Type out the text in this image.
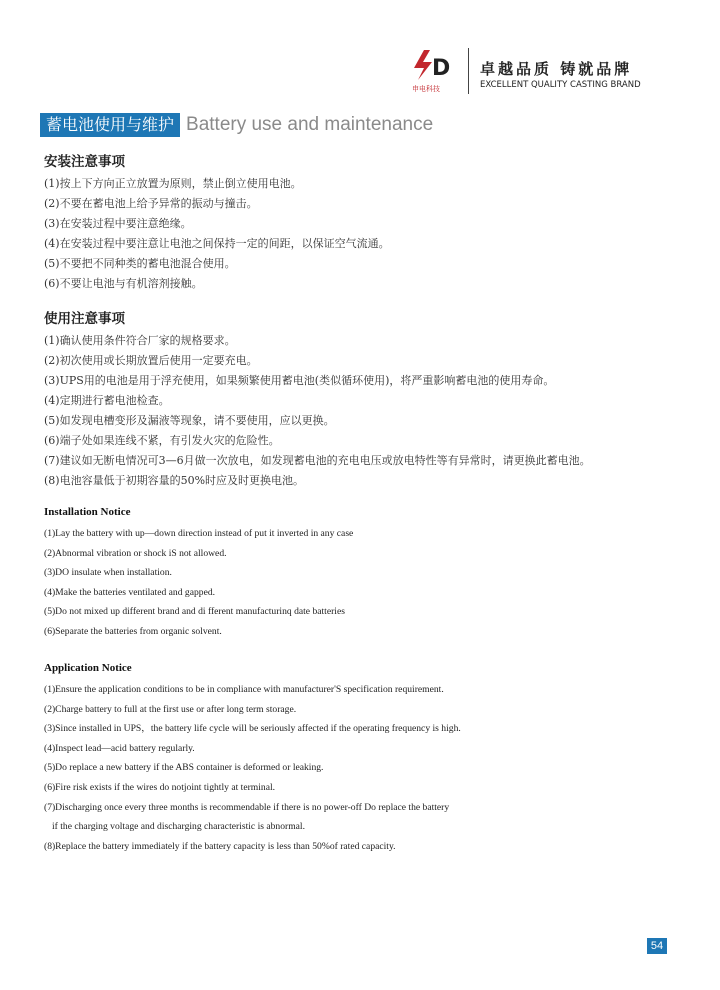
D
申电科技
卓越品质 铸就品牌
EXCELLENT QUALITY CASTING BRAND
蓄电池使用与维护 Battery use and maintenance
安装注意事项
(1)按上下方向正立放置为原则，禁止倒立使用电池。
(2)不要在蓄电池上给予异常的振动与撞击。
(3)在安装过程中要注意绝缘。
(4)在安装过程中要注意让电池之间保持一定的间距，以保证空气流通。
(5)不要把不同种类的蓄电池混合使用。
(6)不要让电池与有机溶剂接触。
使用注意事项
(1)确认使用条件符合厂家的规格要求。
(2)初次使用或长期放置后使用一定要充电。
(3)UPS用的电池是用于浮充使用，如果频繁使用蓄电池(类似循环使用)，将严重影响蓄电池的使用寿命。
(4)定期进行蓄电池检查。
(5)如发现电槽变形及漏液等现象，请不要使用，应以更换。
(6)端子处如果连线不紧，有引发火灾的危险性。
(7)建议如无断电情况可3—6月做一次放电，如发现蓄电池的充电电压或放电特性等有异常时，请更换此蓄电池。
(8)电池容量低于初期容量的50%时应及时更换电池。
Installation Notice
(1)Lay the battery with up—down direction instead of put it inverted in any case
(2)Abnormal vibration or shock iS not allowed.
(3)DO insulate when installation.
(4)Make the batteries ventilated and gapped.
(5)Do not mixed up different brand and di fferent manufacturinq date batteries
(6)Separate the batteries from organic solvent.
Application Notice
(1)Ensure the application conditions to be in compliance with manufacturer'S specification requirement.
(2)Charge battery to full at the first use or after long term storage.
(3)Since installed in UPS，the battery life cycle will be seriously affected if the operating frequency is high.
(4)Inspect lead—acid battery regularly.
(5)Do replace a new battery if the ABS container is deformed or leaking.
(6)Fire risk exists if the wires do notjoint tightly at terminal.
(7)Discharging once every three months is recommendable if there is no power-off Do replace the battery
if the charging voltage and discharging characteristic is abnormal.
(8)Replace the battery immediately if the battery capacity is less than 50%of rated capacity.
54
